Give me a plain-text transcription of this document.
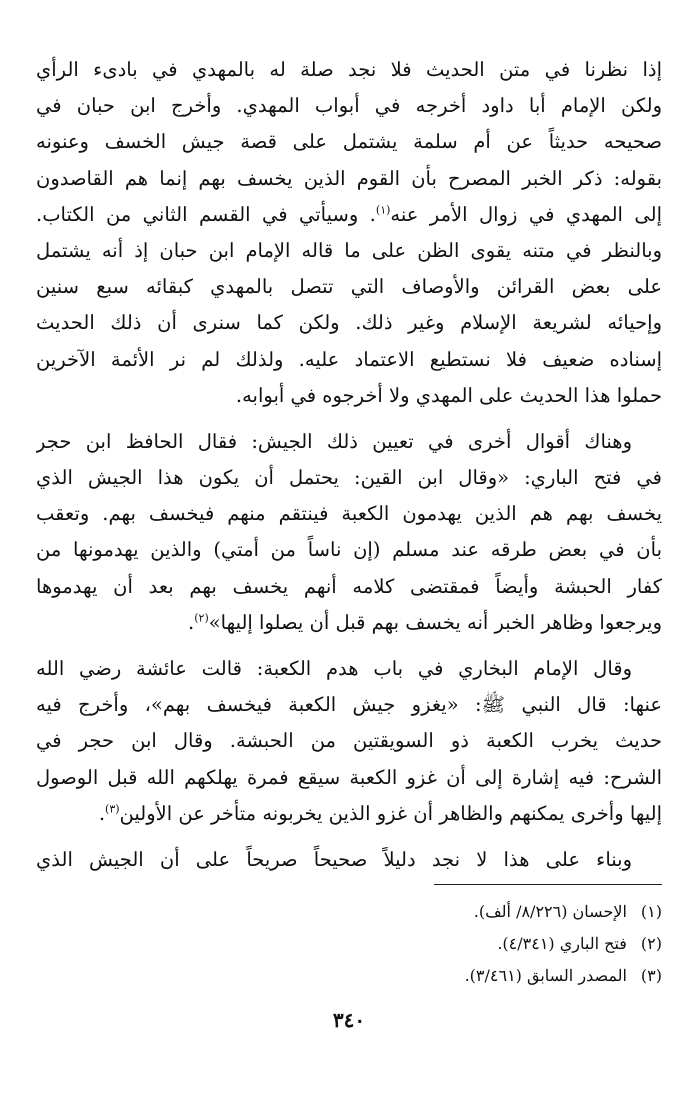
إذا نظرنا في متن الحديث فلا نجد صلة له بالمهدي في بادىء الرأي
ولكن الإمام أبا داود أخرجه في أبواب المهدي. وأخرج ابن حبان في
صحيحه حديثاً عن أم سلمة يشتمل على قصة جيش الخسف وعنونه
بقوله: ذكر الخبر المصرح بأن القوم الذين يخسف بهم إنما هم القاصدون
إلى المهدي في زوال الأمر عنه$^{(١)}$. وسيأتي في القسم الثاني من الكتاب.
وبالنظر في متنه يقوى الظن على ما قاله الإمام ابن حبان إذ أنه يشتمل
على بعض القرائن والأوصاف التي تتصل بالمهدي كبقائه سبع سنين
وإحيائه لشريعة الإسلام وغير ذلك. ولكن كما سنرى أن ذلك الحديث
إسناده ضعيف فلا نستطيع الاعتماد عليه. ولذلك لم نر الأئمة الآخرين
حملوا هذا الحديث على المهدي ولا أخرجوه في أبوابه.
وهناك أقوال أخرى في تعيين ذلك الجيش: فقال الحافظ ابن حجر
في فتح الباري: «وقال ابن القين: يحتمل أن يكون هذا الجيش الذي
يخسف بهم هم الذين يهدمون الكعبة فينتقم منهم فيخسف بهم. وتعقب
بأن في بعض طرقه عند مسلم (إن ناساً من أمتي) والذين يهدمونها من
كفار الحبشة وأيضاً فمقتضى كلامه أنهم يخسف بهم بعد أن يهدموها
ويرجعوا وظاهر الخبر أنه يخسف بهم قبل أن يصلوا إليها»$^{(٢)}$.
وقال الإمام البخاري في باب هدم الكعبة: قالت عائشة رضي الله
عنها: قال النبي ﷺ: «يغزو جيش الكعبة فيخسف بهم»، وأخرج فيه
حديث يخرب الكعبة ذو السويقتين من الحبشة. وقال ابن حجر في
الشرح: فيه إشارة إلى أن غزو الكعبة سيقع فمرة يهلكهم الله قبل الوصول
إليها وأخرى يمكنهم والظاهر أن غزو الذين يخربونه متأخر عن الأولين$^{(٣)}$.
وبناء على هذا لا نجد دليلاً صحيحاً صريحاً على أن الجيش الذي
(١) الإحسان (٨/٢٢٦/ ألف).
(٢) فتح الباري (٤/٣٤١).
(٣) المصدر السابق (٣/٤٦١).
٣٤٠
